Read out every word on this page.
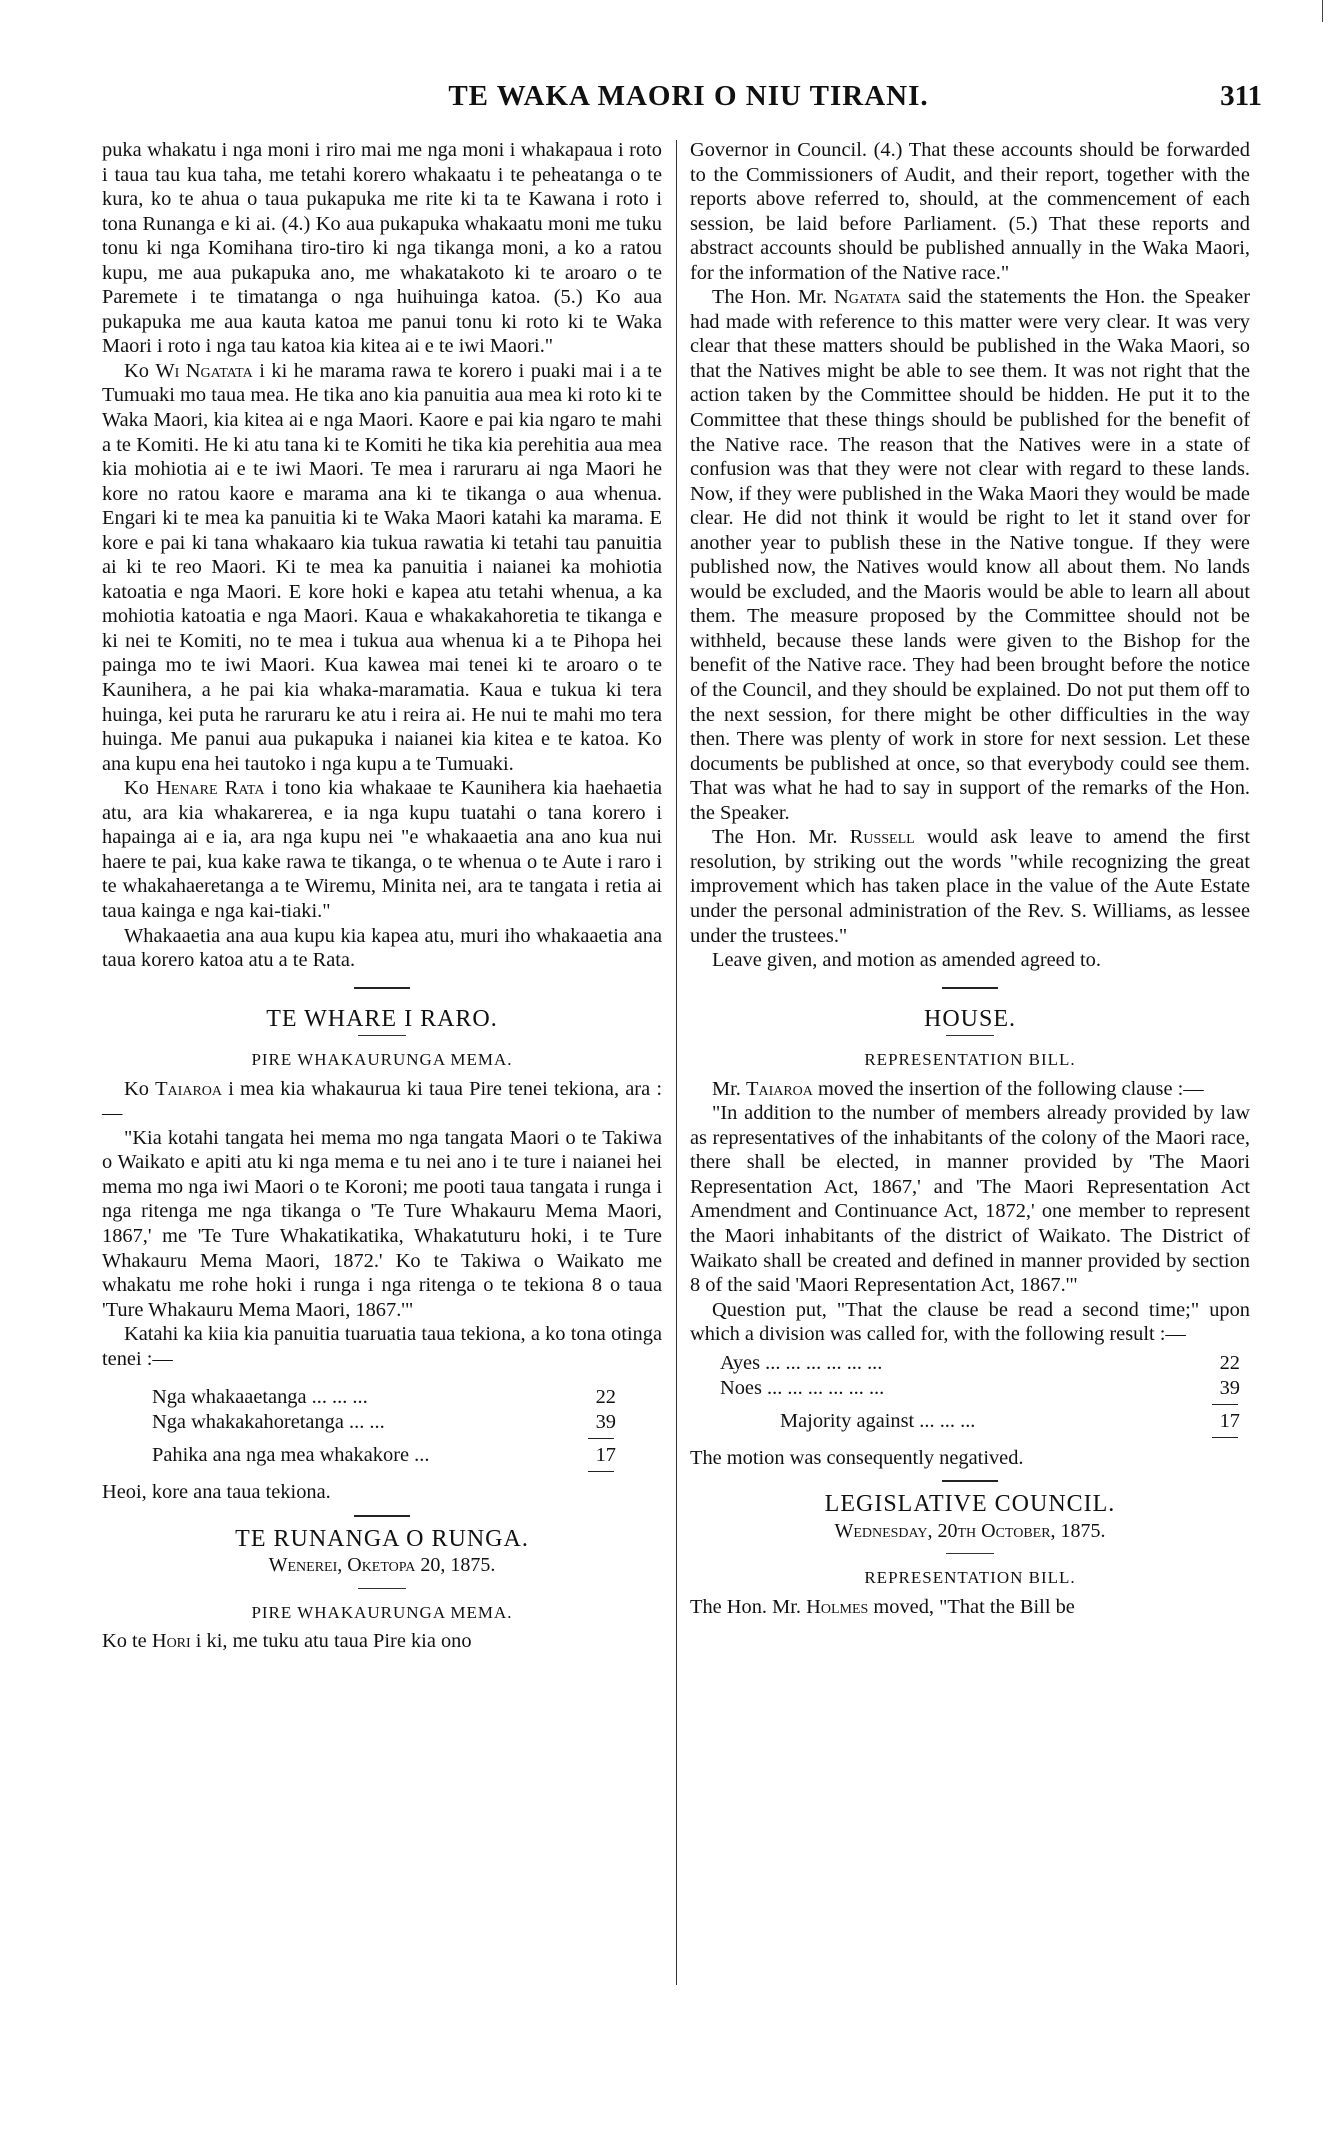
TE WAKA MAORI O NIU TIRANI.	311

puka whakatu i nga moni i riro mai me nga moni i whakapaua i roto i taua tau kua taha, me tetahi korero whakaatu i te peheatanga o te kura, ko te ahua o taua pukapuka me rite ki ta te Kawana i roto i tona Runanga e ki ai. (4.) Ko aua pukapuka whakaatu moni me tuku tonu ki nga Komihana tiro-tiro ki nga tikanga moni, a ko a ratou kupu, me aua pukapuka ano, me whakatakoto ki te aroaro o te Paremete i te timatanga o nga huihuinga katoa. (5.) Ko aua pukapuka me aua kauta katoa me panui tonu ki roto ki te Waka Maori i roto i nga tau katoa kia kitea ai e te iwi Maori."

Ko Wi Ngatata i ki he marama rawa te korero i puaki mai i a te Tumuaki mo taua mea. He tika ano kia panuitia aua mea ki roto ki te Waka Maori, kia kitea ai e nga Maori. Kaore e pai kia ngaro te mahi a te Komiti. He ki atu tana ki te Komiti he tika kia perehitia aua mea kia mohiotia ai e te iwi Maori. Te mea i raruraru ai nga Maori he kore no ratou kaore e marama ana ki te tikanga o aua whenua. Engari ki te mea ka panuitia ki te Waka Maori katahi ka marama. E kore e pai ki tana whakaaro kia tukua rawatia ki tetahi tau panuitia ai ki te reo Maori. Ki te mea ka panuitia i naianei ka mohiotia katoatia e nga Maori. E kore hoki e kapea atu tetahi whenua, a ka mohiotia katoatia e nga Maori. Kaua e whakakahoretia te tikanga e ki nei te Komiti, no te mea i tukua aua whenua ki a te Pihopa hei painga mo te iwi Maori. Kua kawea mai tenei ki te aroaro o te Kaunihera, a he pai kia whaka-maramatia. Kaua e tukua ki tera huinga, kei puta he raruraru ke atu i reira ai. He nui te mahi mo tera huinga. Me panui aua pukapuka i naianei kia kitea e te katoa. Ko ana kupu ena hei tautoko i nga kupu a te Tumuaki.

Ko Henare Rata i tono kia whakaae te Kaunihera kia haehaetia atu, ara kia whakarerea, e ia nga kupu tuatahi o tana korero i hapainga ai e ia, ara nga kupu nei "e whakaaetia ana ano kua nui haere te pai, kua kake rawa te tikanga, o te whenua o te Aute i raro i te whakahaeretanga a te Wiremu, Minita nei, ara te tangata i retia ai taua kainga e nga kai-tiaki."

Whakaaetia ana aua kupu kia kapea atu, muri iho whakaaetia ana taua korero katoa atu a te Rata.

TE WHARE I RARO.
PIRE WHAKAURUNGA MEMA.

Ko Taiaroa i mea kia whakaurua ki taua Pire tenei tekiona, ara :—

"Kia kotahi tangata hei mema mo nga tangata Maori o te Takiwa o Waikato e apiti atu ki nga mema e tu nei ano i te ture i naianei hei mema mo nga iwi Maori o te Koroni; me pooti taua tangata i runga i nga ritenga me nga tikanga o 'Te Ture Whakauru Mema Maori, 1867,' me 'Te Ture Whakatikatika, Whakatuturu hoki, i te Ture Whakauru Mema Maori, 1872.' Ko te Takiwa o Waikato me whakatu me rohe hoki i runga i nga ritenga o te tekiona 8 o taua 'Ture Whakauru Mema Maori, 1867.'"

Katahi ka kiia kia panuitia tuaruatia taua tekiona, a ko tona otinga tenei :—

Nga whakaaetanga ... ... ...	22
Nga whakakahoretanga ... ...	39
Pahika ana nga mea whakakore ...	17

Heoi, kore ana taua tekiona.

TE RUNANGA O RUNGA.
Wenerei, Oketopa 20, 1875.
PIRE WHAKAURUNGA MEMA.

Ko te Hori i ki, me tuku atu taua Pire kia ono

Governor in Council. (4.) That these accounts should be forwarded to the Commissioners of Audit, and their report, together with the reports above referred to, should, at the commencement of each session, be laid before Parliament. (5.) That these reports and abstract accounts should be published annually in the Waka Maori, for the information of the Native race."

The Hon. Mr. Ngatata said the statements the Hon. the Speaker had made with reference to this matter were very clear. It was very clear that these matters should be published in the Waka Maori, so that the Natives might be able to see them. It was not right that the action taken by the Committee should be hidden. He put it to the Committee that these things should be published for the benefit of the Native race. The reason that the Natives were in a state of confusion was that they were not clear with regard to these lands. Now, if they were published in the Waka Maori they would be made clear. He did not think it would be right to let it stand over for another year to publish these in the Native tongue. If they were published now, the Natives would know all about them. No lands would be excluded, and the Maoris would be able to learn all about them. The measure proposed by the Committee should not be withheld, because these lands were given to the Bishop for the benefit of the Native race. They had been brought before the notice of the Council, and they should be explained. Do not put them off to the next session, for there might be other difficulties in the way then. There was plenty of work in store for next session. Let these documents be published at once, so that everybody could see them. That was what he had to say in support of the remarks of the Hon. the Speaker.

The Hon. Mr. Russell would ask leave to amend the first resolution, by striking out the words "while recognizing the great improvement which has taken place in the value of the Aute Estate under the personal administration of the Rev. S. Williams, as lessee under the trustees."

Leave given, and motion as amended agreed to.

HOUSE.
REPRESENTATION BILL.

Mr. Taiaroa moved the insertion of the following clause :—

"In addition to the number of members already provided by law as representatives of the inhabitants of the colony of the Maori race, there shall be elected, in manner provided by 'The Maori Representation Act, 1867,' and 'The Maori Representation Act Amendment and Continuance Act, 1872,' one member to represent the Maori inhabitants of the district of Waikato. The District of Waikato shall be created and defined in manner provided by section 8 of the said 'Maori Representation Act, 1867.'"

Question put, "That the clause be read a second time;" upon which a division was called for, with the following result :—

Ayes ... ... ... ... ... ...	22
Noes ... ... ... ... ... ...	39
Majority against ... ... ...	17

The motion was consequently negatived.

LEGISLATIVE COUNCIL.
Wednesday, 20th October, 1875.
REPRESENTATION BILL.

The Hon. Mr. Holmes moved, "That the Bill be
